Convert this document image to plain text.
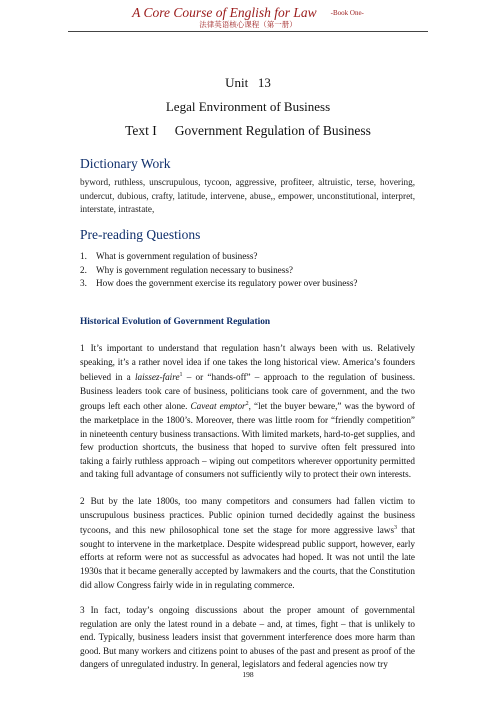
A Core Course of English for Law -Book One-
法律英语核心课程（第一册）
Unit   13
Legal Environment of Business
Text I Government Regulation of Business
Dictionary Work
byword, ruthless, unscrupulous, tycoon, aggressive, profiteer, altruistic, terse, hovering, undercut, dubious, crafty, latitude, intervene, abuse,, empower, unconstitutional, interpret, interstate, intrastate,
Pre-reading Questions
1. What is government regulation of business?
2. Why is government regulation necessary to business?
3. How does the government exercise its regulatory power over business?
Historical Evolution of Government Regulation

1 It’s important to understand that regulation hasn’t always been with us. Relatively speaking, it’s a rather novel idea if one takes the long historical view. America’s founders believed in a laissez-faire$^1$ – or “hands-off” – approach to the regulation of business. Business leaders took care of business, politicians took care of government, and the two groups left each other alone. Caveat emptor$^2$, “let the buyer beware,” was the byword of the marketplace in the 1800’s. Moreover, there was little room for “friendly competition” in nineteenth century business transactions. With limited markets, hard-to-get supplies, and few production shortcuts, the business that hoped to survive often felt pressured into taking a fairly ruthless approach – wiping out competitors wherever opportunity permitted and taking full advantage of consumers not sufficiently wily to protect their own interests.

2 But by the late 1800s, too many competitors and consumers had fallen victim to unscrupulous business practices. Public opinion turned decidedly against the business tycoons, and this new philosophical tone set the stage for more aggressive laws$^3$ that sought to intervene in the marketplace. Despite widespread public support, however, early efforts at reform were not as successful as advocates had hoped. It was not until the late 1930s that it became generally accepted by lawmakers and the courts, that the Constitution did allow Congress fairly wide in in regulating commerce.

3 In fact, today’s ongoing discussions about the proper amount of governmental regulation are only the latest round in a debate – and, at times, fight – that is unlikely to end. Typically, business leaders insist that government interference does more harm than good. But many workers and citizens point to abuses of the past and present as proof of the dangers of unregulated industry. In general, legislators and federal agencies now try

198
